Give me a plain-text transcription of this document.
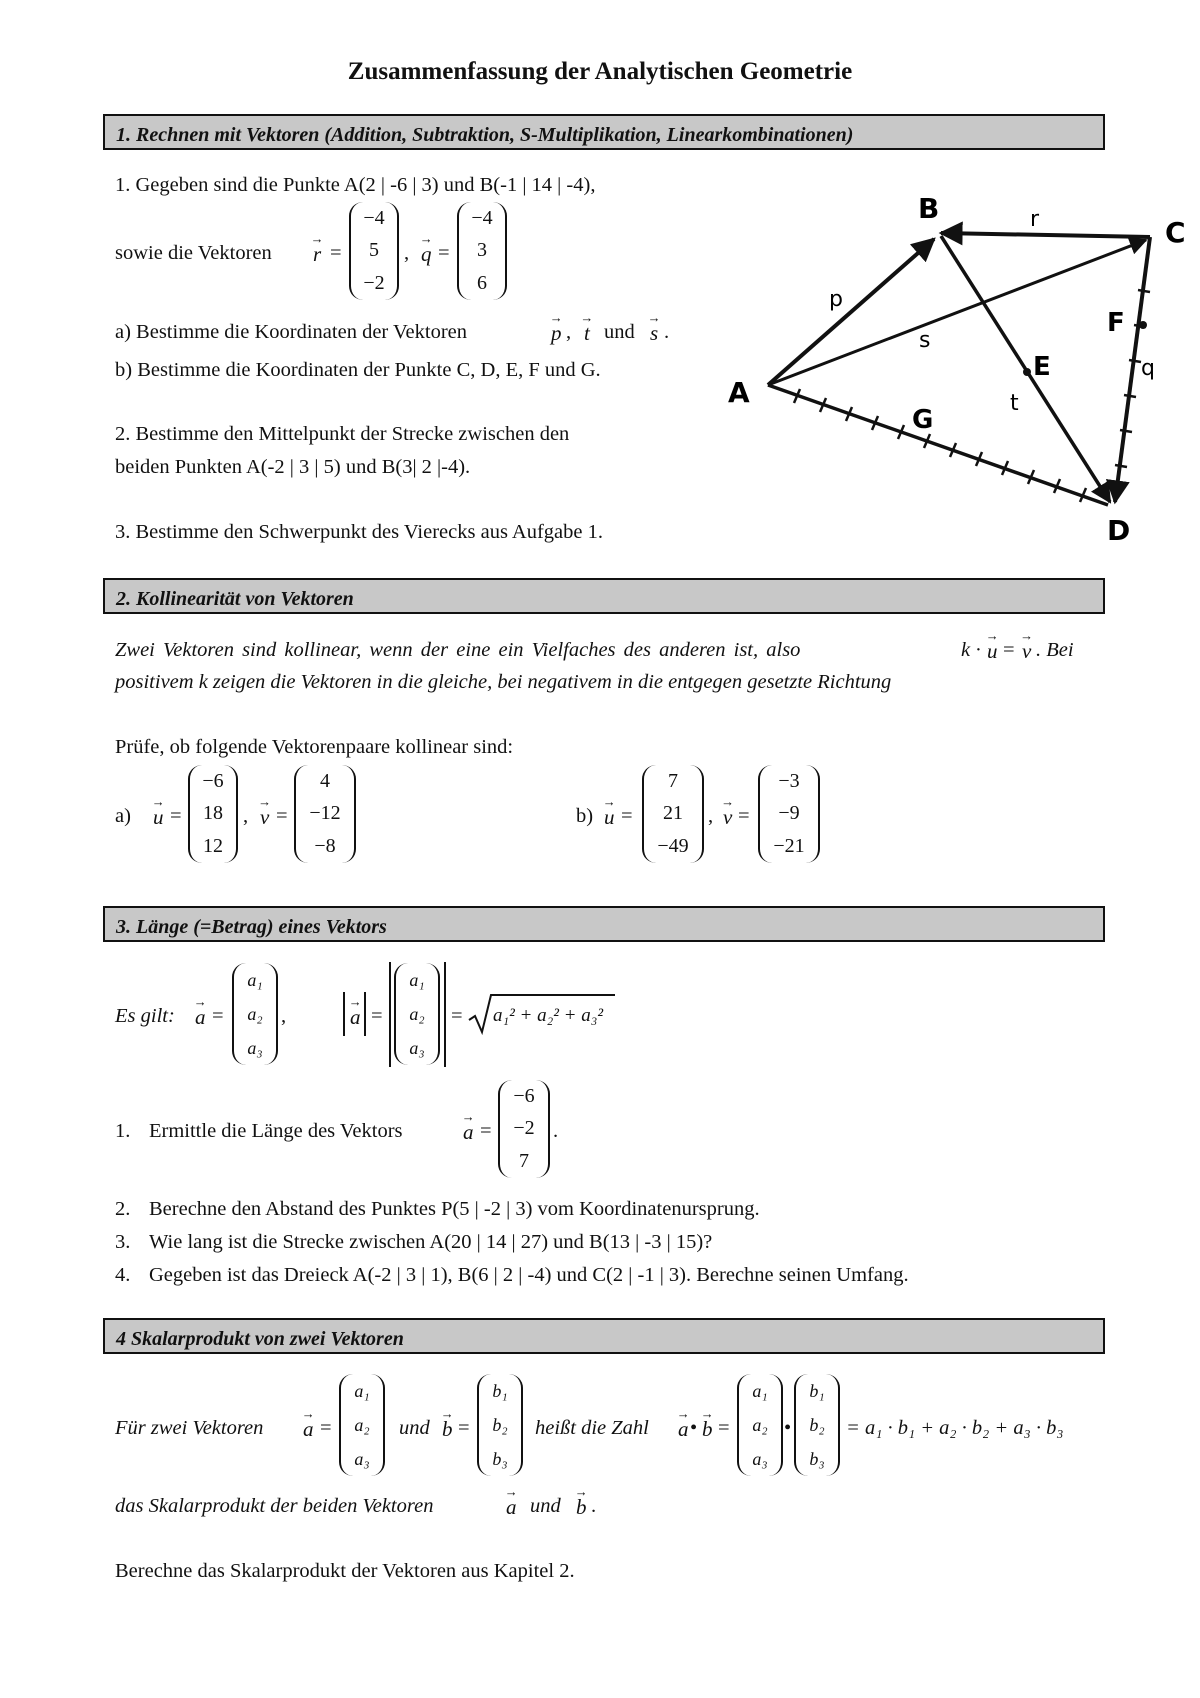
Zusammenfassung der Analytischen Geometrie
1. Rechnen mit Vektoren (Addition, Subtraktion, S-Multiplikation, Linearkombinationen)
1. Gegeben sind die Punkte A(2 | -6 | 3) und B(-1 | 14 | -4),
sowie die Vektoren → r =
−4
5
−2
, → q =
−4
3
6
a) Bestimme die Koordinaten der Vektoren	→ p , → t und → s .
b) Bestimme die Koordinaten der Punkte C, D, E, F und G.
2. Bestimme den Mittelpunkt der Strecke zwischen den
beiden Punkten A(-2 | 3 | 5) und B(3| 2 |-4).
3. Bestimme den Schwerpunkt des Vierecks aus Aufgabe 1.
A
B
C
D
E
F
G
p
s
t
r
q
2. Kollinearität von Vektoren
Zwei Vektoren sind kollinear, wenn der eine ein Vielfaches des anderen ist, also	k · → u = → v . Bei
positivem k zeigen die Vektoren in die gleiche, bei negativem in die entgegen gesetzte Richtung
Prüfe, ob folgende Vektorenpaare kollinear sind:
a) → u =
−6
18
12
, → v =
4
−12
−8
b) → u =
7
21
−49
, → v =
−3
−9
−21
3. Länge (=Betrag) eines Vektors
Es gilt: → a =
a₁
a₂
a₃
,	→ a =
a₁
a₂
a₃
= a₁² + a₂² + a₃²
1. Ermittle die Länge des Vektors	→ a =
−6
−2
7
.
2. Berechne den Abstand des Punktes P(5 | -2 | 3) vom Koordinatenursprung.
3. Wie lang ist die Strecke zwischen A(20 | 14 | 27) und B(13 | -3 | 15)?
4. Gegeben ist das Dreieck A(-2 | 3 | 1), B(6 | 2 | -4) und C(2 | -1 | 3). Berechne seinen Umfang.
4 Skalarprodukt von zwei Vektoren
Für zwei Vektoren → a =
a₁
a₂
a₃
und → b =
b₁
b₂
b₃
heißt die Zahl → a • → b =
a₁
a₂
a₃
•
b₁
b₂
b₃
= a₁ · b₁ + a₂ · b₂ + a₃ · b₃
das Skalarprodukt der beiden Vektoren	→ a und → b .
Berechne das Skalarprodukt der Vektoren aus Kapitel 2.
